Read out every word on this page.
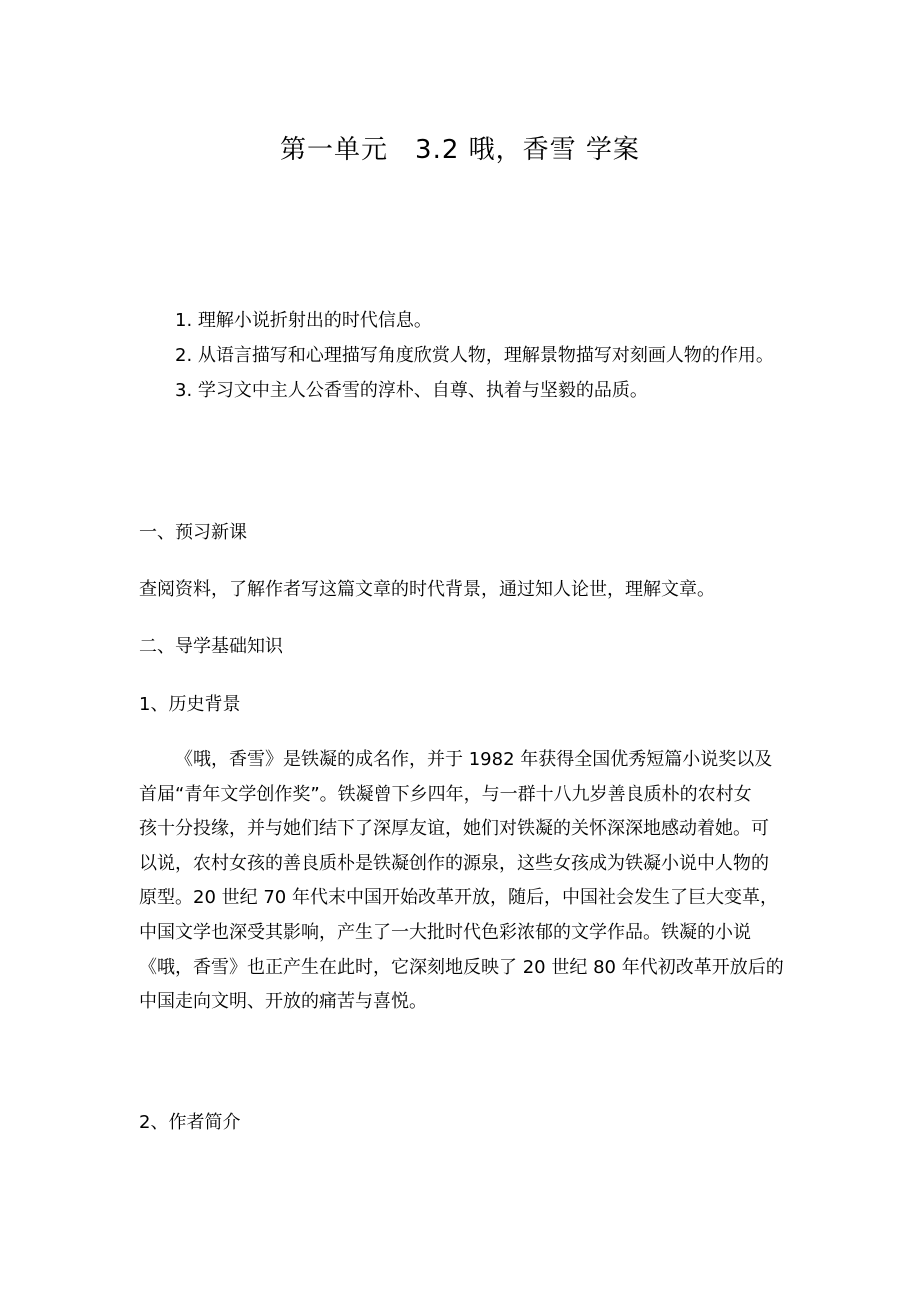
第一单元　3.2 哦，香雪 学案
1. 理解小说折射出的时代信息。
2. 从语言描写和心理描写角度欣赏人物，理解景物描写对刻画人物的作用。
3. 学习文中主人公香雪的淳朴、自尊、执着与坚毅的品质。
一、预习新课
查阅资料，了解作者写这篇文章的时代背景，通过知人论世，理解文章。
二、导学基础知识
1、历史背景
《哦，香雪》是铁凝的成名作，并于 1982 年获得全国优秀短篇小说奖以及
首届“青年文学创作奖”。铁凝曾下乡四年，与一群十八九岁善良质朴的农村女
孩十分投缘，并与她们结下了深厚友谊，她们对铁凝的关怀深深地感动着她。可
以说，农村女孩的善良质朴是铁凝创作的源泉，这些女孩成为铁凝小说中人物的
原型。20 世纪 70 年代末中国开始改革开放，随后，中国社会发生了巨大变革，
中国文学也深受其影响，产生了一大批时代色彩浓郁的文学作品。铁凝的小说
《哦，香雪》也正产生在此时，它深刻地反映了 20 世纪 80 年代初改革开放后的
中国走向文明、开放的痛苦与喜悦。
2、作者简介
